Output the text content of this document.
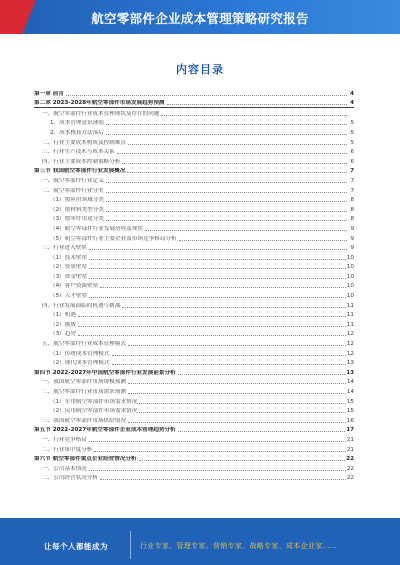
航空零部件企业成本管理策略研究报告
内容目录
第一章 前言	4
第二章 2023-2028年航空零部件市场发展趋势预测	4
一、航空零部件行业成本管理现状及存在的问题
1、成本管理意识薄弱	5
2、成本核算方法落后	5
二、行业主要成本构成及控制难点	5
三、行业生产技术与成本关系	6
四、行业主要成本控制策略分析	6
第三节 我国航空零部件行业发展概况	7
一、航空零部件行业定义	7
二、航空零部件行业分类	7
（1）按应用领域分类	8
（2）按材料类型分类	8
（3）按零件用途分类	8
（4）航空零部件行业发展历程及现状	9
（5）航空零部件行业主要企业及市场竞争格局分析	9
三、行业进入壁垒	9
（1）技术壁垒	10
（2）资质壁垒	10
（3）资金壁垒	10
（4）客户资源壁垒	10
（5）人才壁垒	10
四、行业发展面临的机遇与挑战	11
（1）机遇	11
（2）挑战	11
（3）趋势	12
五、航空零部件行业成本管理模式	12
（1）传统成本管理模式	12
（2）现代成本管理模式	13
第四节 2022-2027年中国航空零部件行业发展前景分析	13
一、我国航空零部件市场规模预测	14
二、航空零部件行业市场需求预测	14
（1）军用航空零部件市场需求情况	15
（2）民用航空零部件市场需求情况	15
三、我国航空零部件市场供给情况	16
第五节 2022-2027年航空零部件企业成本管理趋势分析	17
一、行业竞争格局	21
二、行业集中度分析	21
第六节 航空零部件重点企业经营情况分析	22
一、公司基本情况	22
二、公司经营状况分析	22
让每个人都能成为	行业专家、管理专家、营销专家、战略专家、成本企业家……
